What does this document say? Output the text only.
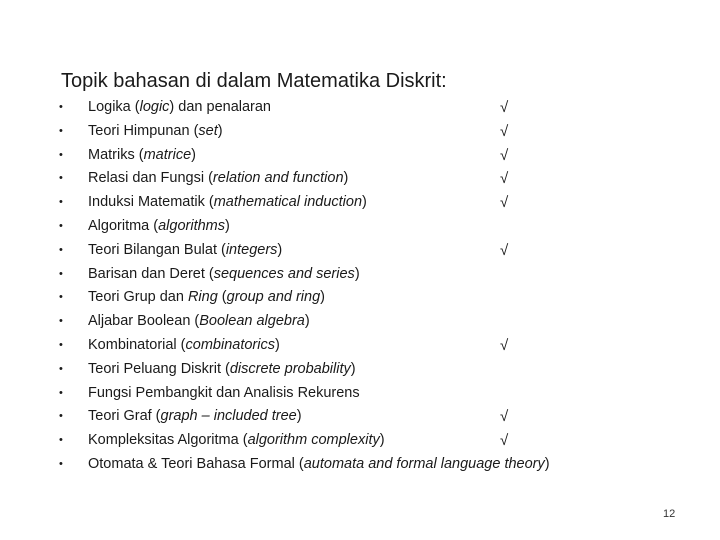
Topik bahasan di dalam Matematika Diskrit:
• Logika (logic) dan penalaran	√
• Teori Himpunan (set)	√
• Matriks (matrice)	√
• Relasi dan Fungsi (relation and function)	√
• Induksi Matematik (mathematical induction)	√
• Algoritma (algorithms)
• Teori Bilangan Bulat (integers)	√
• Barisan dan Deret (sequences and series)
• Teori Grup dan Ring (group and ring)
• Aljabar Boolean (Boolean algebra)
• Kombinatorial (combinatorics)	√
• Teori Peluang Diskrit (discrete probability)
• Fungsi Pembangkit dan Analisis Rekurens
• Teori Graf (graph – included tree)	√
• Kompleksitas Algoritma (algorithm complexity)	√
• Otomata & Teori Bahasa Formal (automata and formal language theory)
12
